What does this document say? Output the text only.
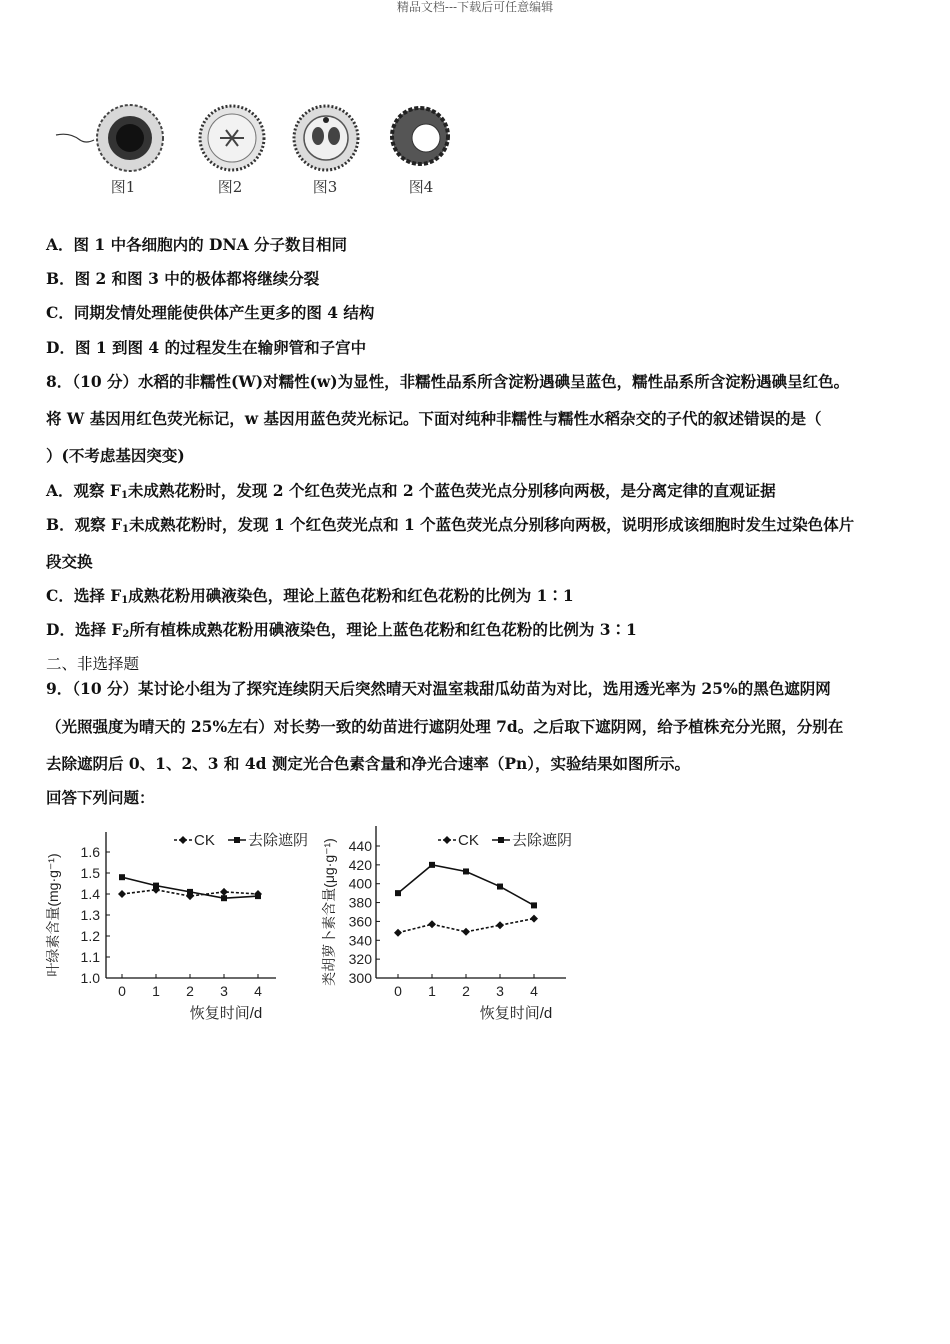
精品文档---下载后可任意编辑
图1	图2	图3	图4
A．图 1 中各细胞内的 DNA 分子数目相同
B．图 2 和图 3 中的极体都将继续分裂
C．同期发情处理能使供体产生更多的图 4 结构
D．图 1 到图 4 的过程发生在输卵管和子宫中
8．（10 分）水稻的非糯性(W)对糯性(w)为显性，非糯性品系所含淀粉遇碘呈蓝色，糯性品系所含淀粉遇碘呈红色。
将 W 基因用红色荧光标记，w 基因用蓝色荧光标记。下面对纯种非糯性与糯性水稻杂交的子代的叙述错误的是（
）(不考虑基因突变)
A．观察 $F_1$未成熟花粉时，发现 2 个红色荧光点和 2 个蓝色荧光点分别移向两极，是分离定律的直观证据
B．观察 $F_1$未成熟花粉时，发现 1 个红色荧光点和 1 个蓝色荧光点分别移向两极，说明形成该细胞时发生过染色体片
段交换
C．选择 $F_1$成熟花粉用碘液染色，理论上蓝色花粉和红色花粉的比例为 1∶1
D．选择 $F_2$所有植株成熟花粉用碘液染色，理论上蓝色花粉和红色花粉的比例为 3∶1
二、非选择题
9．（10 分）某讨论小组为了探究连续阴天后突然晴天对温室栽甜瓜幼苗为对比，选用透光率为 25%的黑色遮阴网
（光照强度为晴天的 25%左右）对长势一致的幼苗进行遮阴处理 7d。之后取下遮阴网，给予植株充分光照，分别在
去除遮阴后 0、1、2、3 和 4d 测定光合色素含量和净光合速率（Pn），实验结果如图所示。
回答下列问题：
1.0
1.1
1.2
1.3
1.4
1.5
1.6
0 1 2 3 4
恢复时间/d
叶绿素含量(mg·g⁻¹)
CK 去除遮阴
300
320
340
360
380
400
420
440
0 1 2 3 4
恢复时间/d
类胡萝卜素含量(μg·g⁻¹)	CK 去除遮阴
